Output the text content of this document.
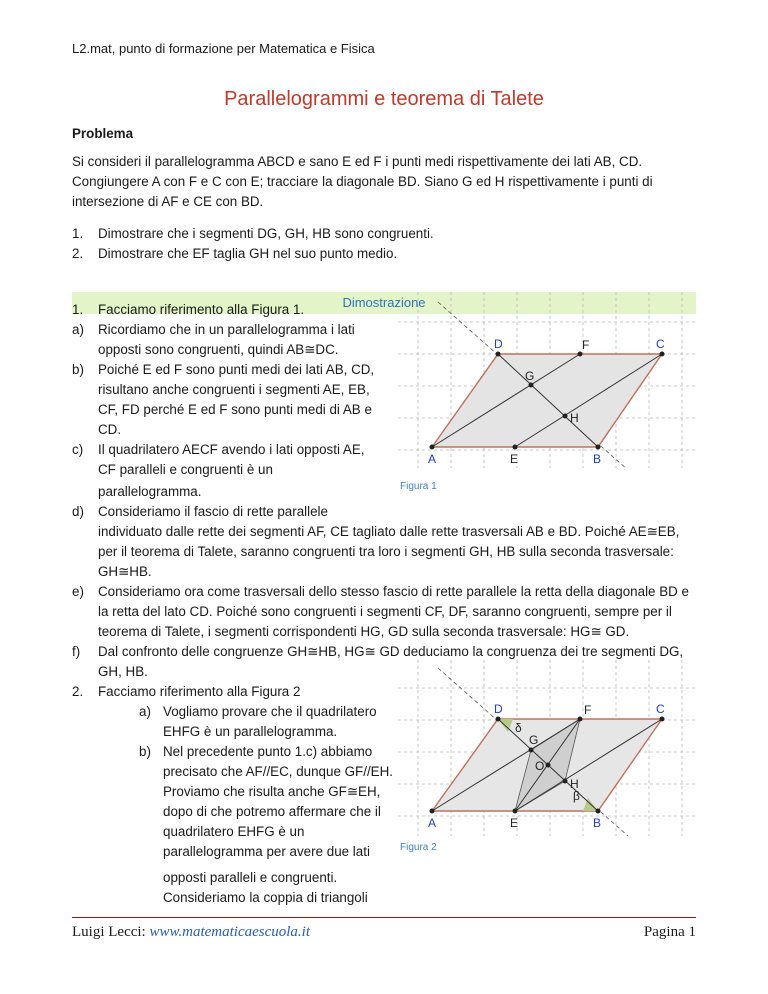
L2.mat, punto di formazione per Matematica e Fisica
Parallelogrammi e teorema di Talete
Problema
Si consideri il parallelogramma ABCD e sano E ed F i punti medi rispettivamente dei lati AB, CD.
Congiungere A con F e C con E; tracciare la diagonale BD. Siano G ed H rispettivamente i punti di
intersezione di AF e CE con BD.
1. Dimostrare che i segmenti DG, GH, HB sono congruenti.
2. Dimostrare che EF taglia GH nel suo punto medio.
Dimostrazione
1. Facciamo riferimento alla Figura 1.
a) Ricordiamo che in un parallelogramma i lati
opposti sono congruenti, quindi AB≅DC.
b) Poiché E ed F sono punti medi dei lati AB, CD,
risultano anche congruenti i segmenti AE, EB,
CF, FD perché E ed F sono punti medi di AB e
CD.
c) Il quadrilatero AECF avendo i lati opposti AE,
CF paralleli e congruenti è un
parallelogramma.
d) Consideriamo il fascio di rette parallele
individuato dalle rette dei segmenti AF, CE tagliato dalle rette trasversali AB e BD. Poiché AE≅EB,
per il teorema di Talete, saranno congruenti tra loro i segmenti GH, HB sulla seconda trasversale:
GH≅HB.
e) Consideriamo ora come trasversali dello stesso fascio di rette parallele la retta della diagonale BD e
la retta del lato CD. Poiché sono congruenti i segmenti CF, DF, saranno congruenti, sempre per il
teorema di Talete, i segmenti corrispondenti HG, GD sulla seconda trasversale: HG≅ GD.
f) Dal confronto delle congruenze GH≅HB, HG≅ GD deduciamo la congruenza dei tre segmenti DG,
GH, HB.
2. Facciamo riferimento alla Figura 2
a) Vogliamo provare che il quadrilatero
EHFG è un parallelogramma.
b) Nel precedente punto 1.c) abbiamo
precisato che AF//EC, dunque GF//EH.
Proviamo che risulta anche GF≅EH,
dopo di che potremo affermare che il
quadrilatero EHFG è un
parallelogramma per avere due lati
opposti paralleli e congruenti.
Consideriamo la coppia di triangoli
A	E	B
D	F	C
G
H
Figura 1
A	E	B
D	F	C
G
H
O
δ
β
Figura 2
Luigi Lecci: www.matematicaescuola.it	Pagina 1
